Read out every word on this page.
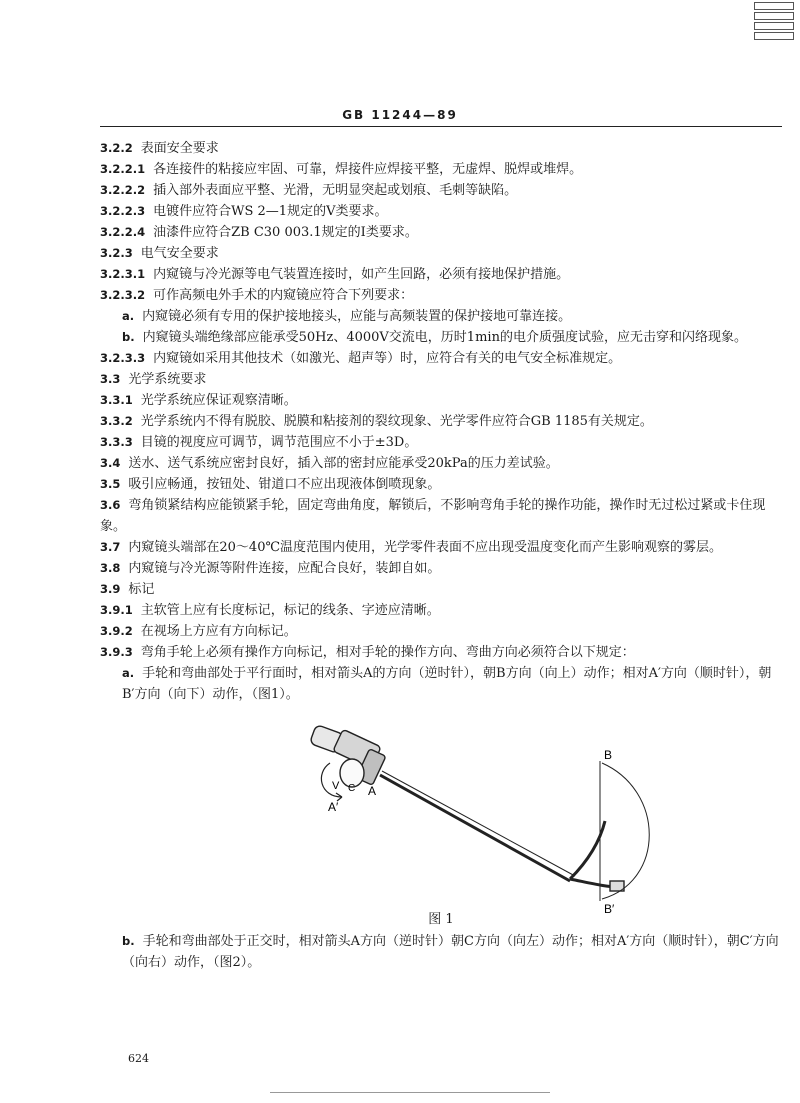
GB 11244—89
3.2.2 表面安全要求
3.2.2.1 各连接件的粘接应牢固、可靠，焊接件应焊接平整，无虚焊、脱焊或堆焊。
3.2.2.2 插入部外表面应平整、光滑，无明显突起或划痕、毛刺等缺陷。
3.2.2.3 电镀件应符合WS 2—1规定的Ⅴ类要求。
3.2.2.4 油漆件应符合ZB C30 003.1规定的Ⅰ类要求。
3.2.3 电气安全要求
3.2.3.1 内窥镜与冷光源等电气装置连接时，如产生回路，必须有接地保护措施。
3.2.3.2 可作高频电外手术的内窥镜应符合下列要求：
a. 内窥镜必须有专用的保护接地接头，应能与高频装置的保护接地可靠连接。
b. 内窥镜头端绝缘部应能承受50Hz、4000V交流电，历时1min的电介质强度试验，应无击穿和闪络现象。
3.2.3.3 内窥镜如采用其他技术（如激光、超声等）时，应符合有关的电气安全标准规定。
3.3 光学系统要求
3.3.1 光学系统应保证观察清晰。
3.3.2 光学系统内不得有脱胶、脱膜和粘接剂的裂纹现象、光学零件应符合GB 1185有关规定。
3.3.3 目镜的视度应可调节，调节范围应不小于±3D。
3.4 送水、送气系统应密封良好，插入部的密封应能承受20kPa的压力差试验。
3.5 吸引应畅通，按钮处、钳道口不应出现液体倒喷现象。
3.6 弯角锁紧结构应能锁紧手轮，固定弯曲角度，解锁后，不影响弯角手轮的操作功能，操作时无过松过紧或卡住现象。
3.7 内窥镜头端部在20～40℃温度范围内使用，光学零件表面不应出现受温度变化而产生影响观察的雾层。
3.8 内窥镜与冷光源等附件连接，应配合良好，装卸自如。
3.9 标记
3.9.1 主软管上应有长度标记，标记的线条、字迹应清晰。
3.9.2 在视场上方应有方向标记。
3.9.3 弯角手轮上必须有操作方向标记，相对手轮的操作方向、弯曲方向必须符合以下规定：
a. 手轮和弯曲部处于平行面时，相对箭头A的方向（逆时针），朝B方向（向上）动作；相对A′方向（顺时针），朝B′方向（向下）动作，（图1）。
V C A
A′
B
B′
图 1
b. 手轮和弯曲部处于正交时，相对箭头A方向（逆时针）朝C方向（向左）动作；相对A′方向（顺时针），朝C′方向（向右）动作，（图2）。
624
